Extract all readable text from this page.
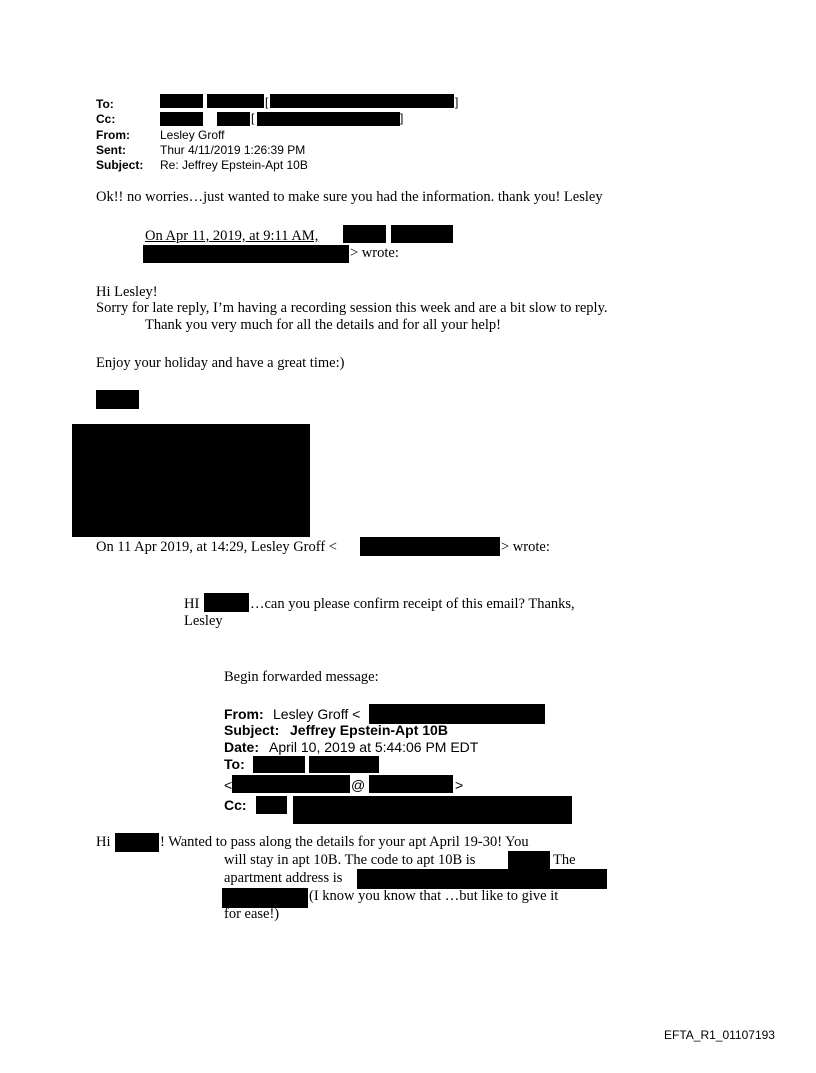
To:	[	]
Cc:	[	]
From:	Lesley Groff
Sent:	Thur 4/11/2019 1:26:39 PM
Subject: Re: Jeffrey Epstein-Apt 10B
Ok!! no worries…just wanted to make sure you had the information. thank you! Lesley
On Apr 11, 2019, at 9:11 AM,
> wrote:
Hi Lesley!
Sorry for late reply, I’m having a recording session this week and are a bit slow to reply.
Thank you very much for all the details and for all your help!
Enjoy your holiday and have a great time:)
On 11 Apr 2019, at 14:29, Lesley Groff <	> wrote:
HI	…can you please confirm receipt of this email? Thanks,
Lesley
Begin forwarded message:
From: Lesley Groff <
Subject: Jeffrey Epstein-Apt 10B
Date: April 10, 2019 at 5:44:06 PM EDT
To:
<	@	>
Cc:
Hi	! Wanted to pass along the details for your apt April 19-30! You
will stay in apt 10B. The code to apt 10B is	The
apartment address is
(I know you know that …but like to give it
for ease!)
EFTA_R1_01107193
